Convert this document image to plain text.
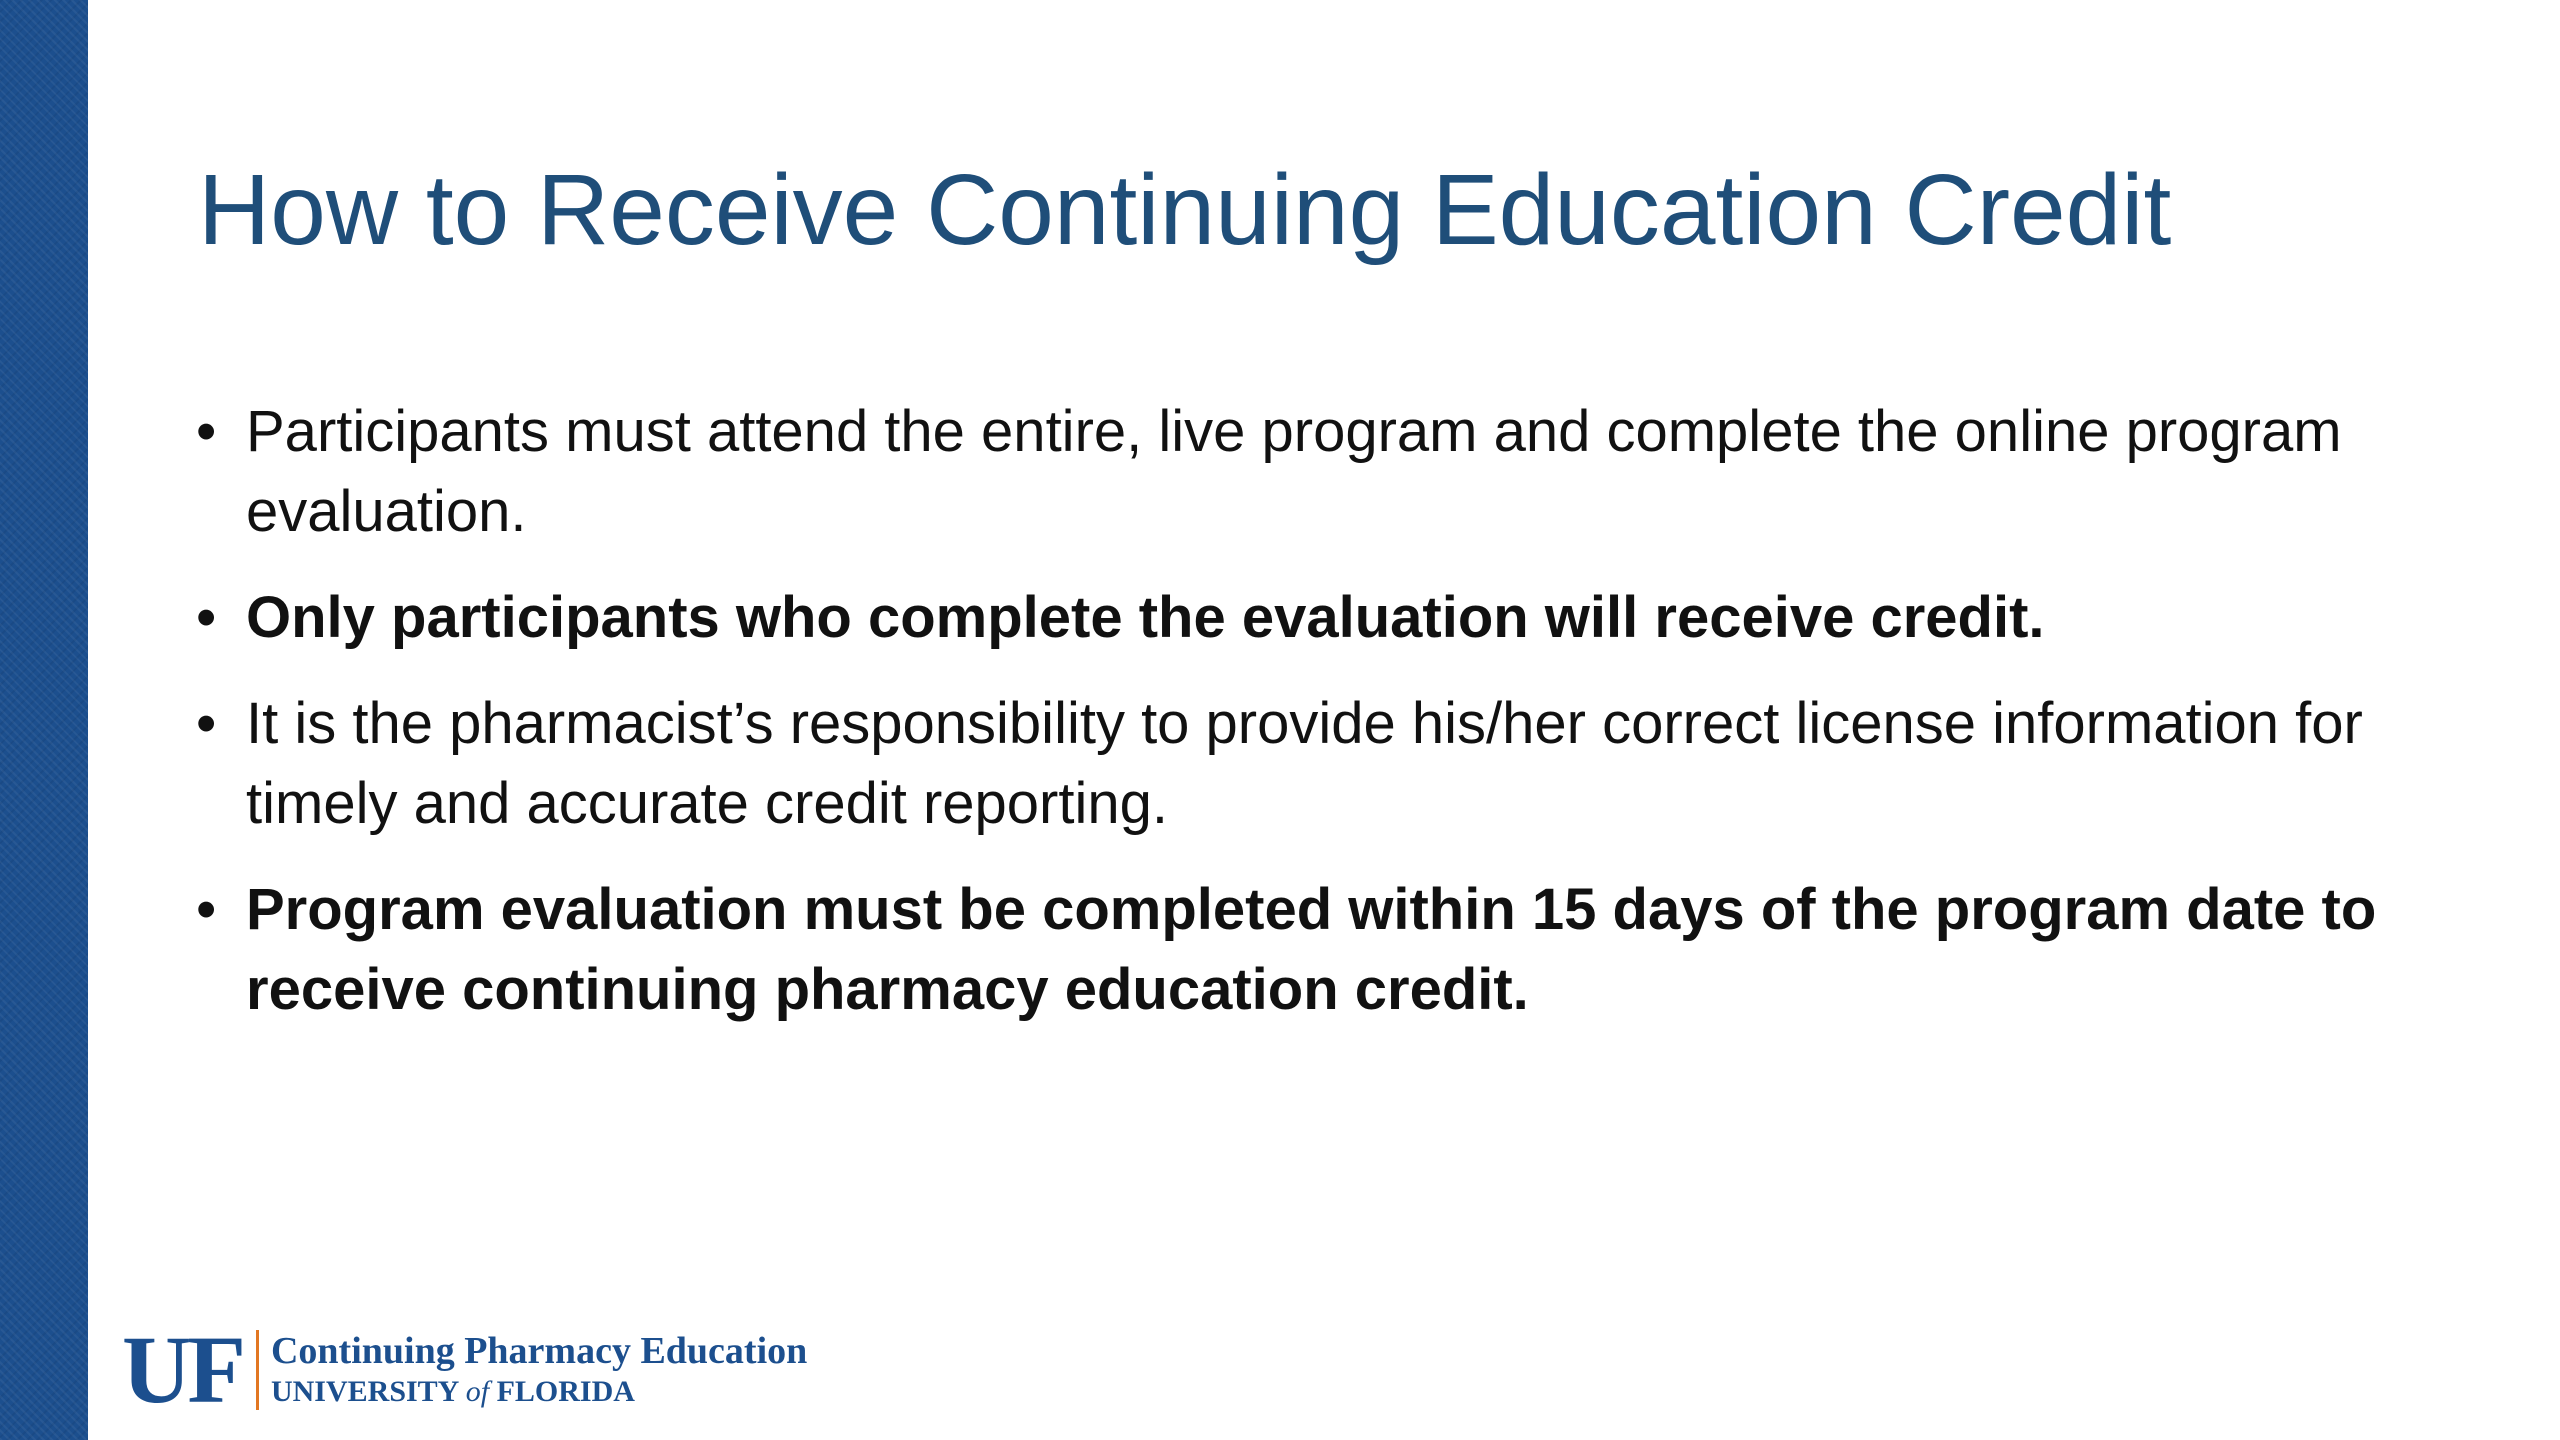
How to Receive Continuing Education Credit
• Participants must attend the entire, live program and complete the online program evaluation.
• Only participants who complete the evaluation will receive credit.
• It is the pharmacist’s responsibility to provide his/her correct license information for timely and accurate credit reporting.
• Program evaluation must be completed within 15 days of the program date to receive continuing pharmacy education credit.
UF Continuing Pharmacy Education
UNIVERSITY of FLORIDA
